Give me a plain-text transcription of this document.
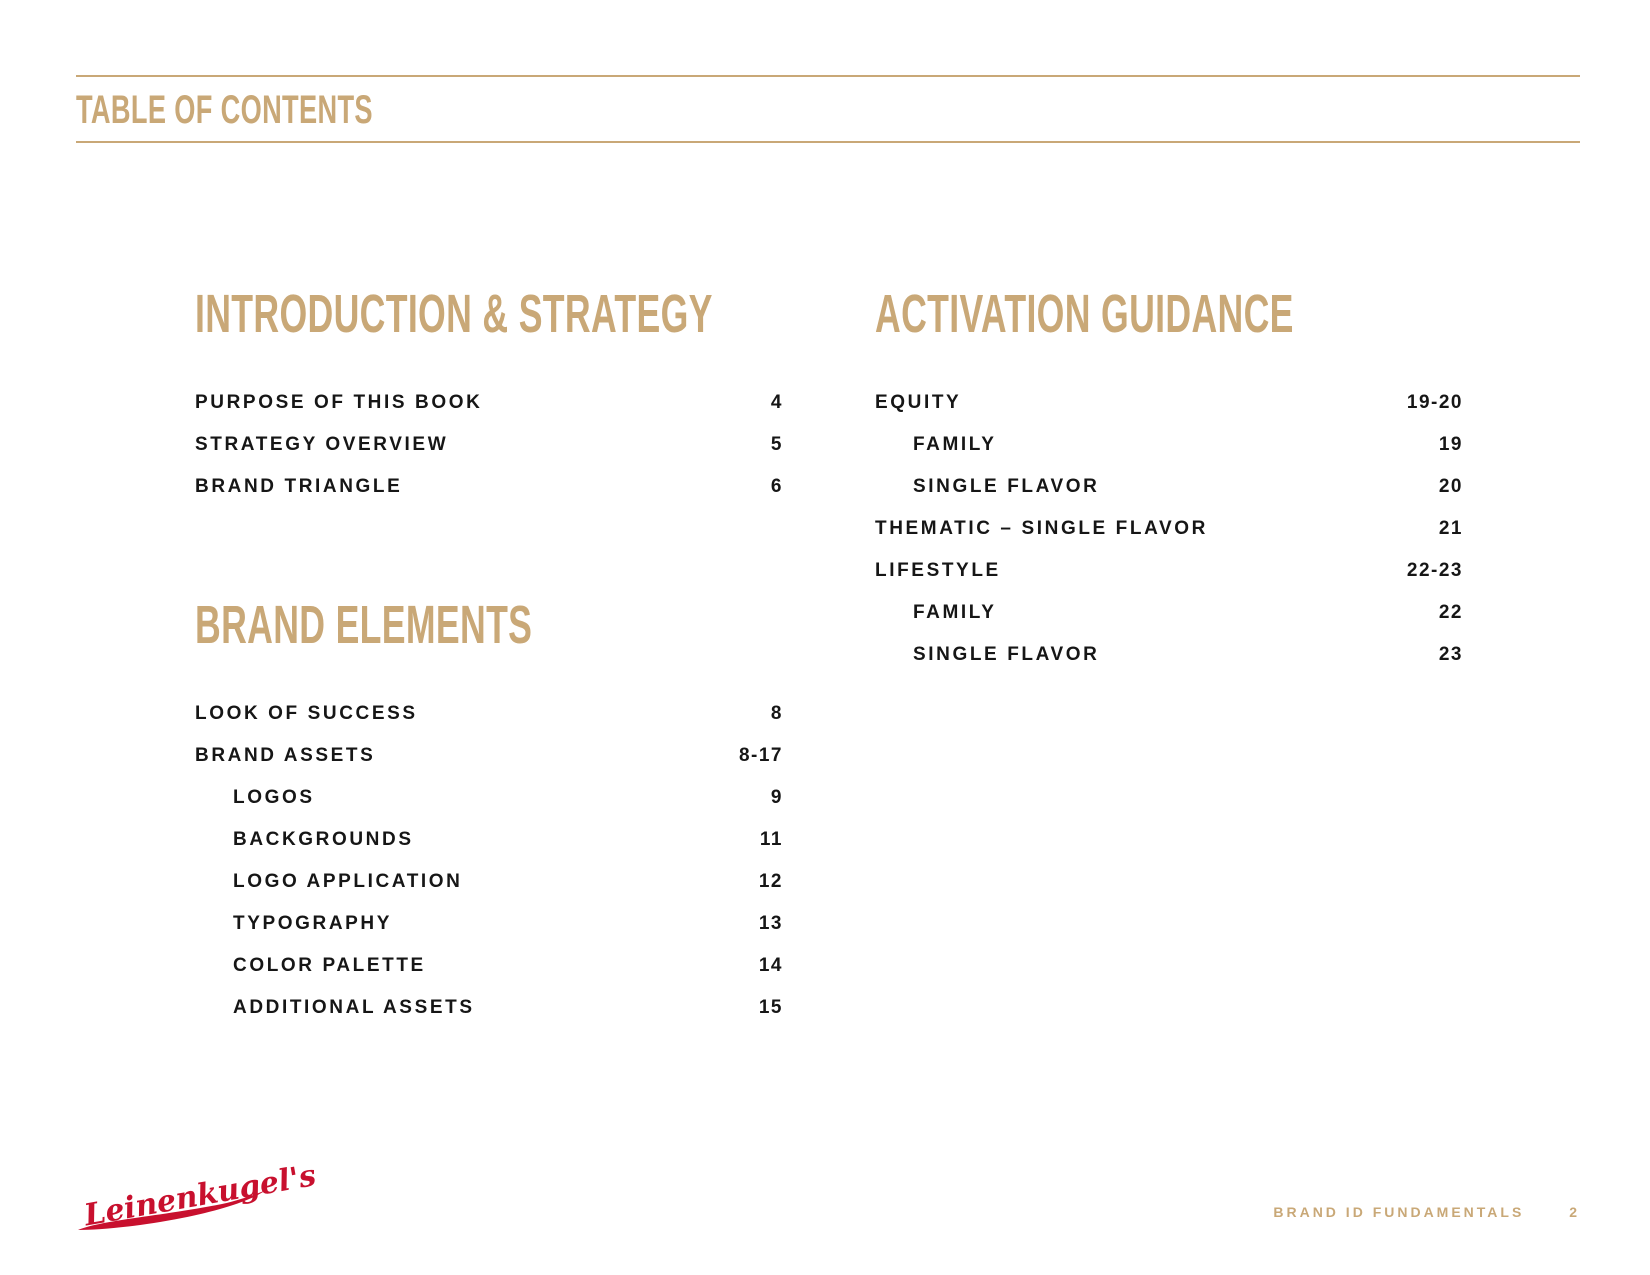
TABLE OF CONTENTS
INTRODUCTION & STRATEGY
PURPOSE OF THIS BOOK	4
STRATEGY OVERVIEW	5
BRAND TRIANGLE	6
BRAND ELEMENTS
LOOK OF SUCCESS	8
BRAND ASSETS	8-17
LOGOS	9
BACKGROUNDS	11
LOGO APPLICATION	12
TYPOGRAPHY	13
COLOR PALETTE	14
ADDITIONAL ASSETS	15
ACTIVATION GUIDANCE
EQUITY	19-20
FAMILY	19
SINGLE FLAVOR	20
THEMATIC – SINGLE FLAVOR	21
LIFESTYLE	22-23
FAMILY	22
SINGLE FLAVOR	23
Leinenkugel's	BRAND ID FUNDAMENTALS	2
